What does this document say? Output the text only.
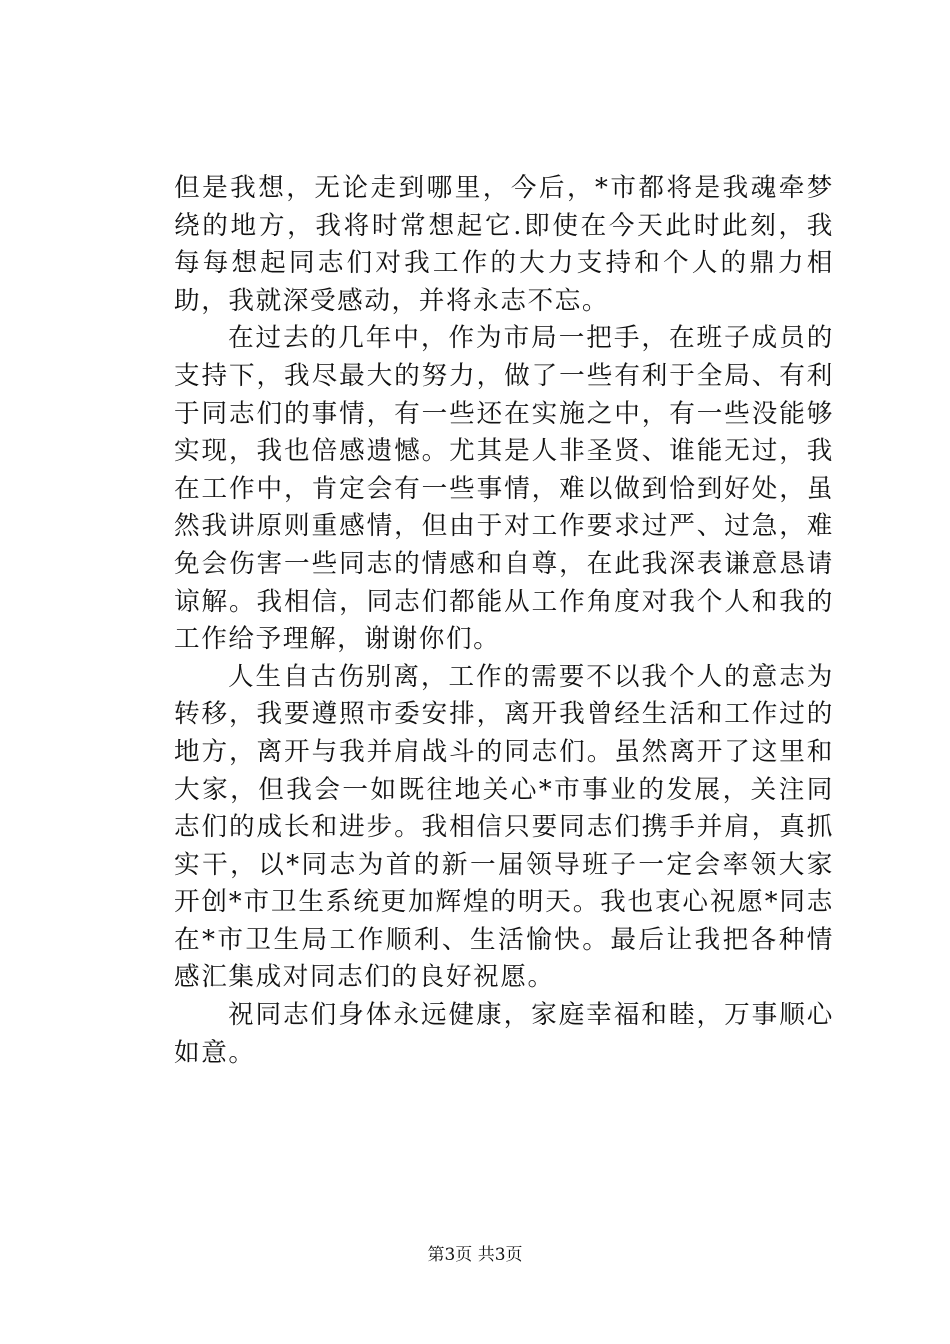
但是我想，无论走到哪里，今后，*市都将是我魂牵梦绕的地方，我将时常想起它.即使在今天此时此刻，我每每想起同志们对我工作的大力支持和个人的鼎力相助，我就深受感动，并将永志不忘。

在过去的几年中，作为市局一把手，在班子成员的支持下，我尽最大的努力，做了一些有利于全局、有利于同志们的事情，有一些还在实施之中，有一些没能够实现，我也倍感遗憾。尤其是人非圣贤、谁能无过，我在工作中，肯定会有一些事情，难以做到恰到好处，虽然我讲原则重感情，但由于对工作要求过严、过急，难免会伤害一些同志的情感和自尊，在此我深表谦意恳请谅解。我相信，同志们都能从工作角度对我个人和我的工作给予理解，谢谢你们。

人生自古伤别离，工作的需要不以我个人的意志为转移，我要遵照市委安排，离开我曾经生活和工作过的地方，离开与我并肩战斗的同志们。虽然离开了这里和大家，但我会一如既往地关心*市事业的发展，关注同志们的成长和进步。我相信只要同志们携手并肩，真抓实干，以*同志为首的新一届领导班子一定会率领大家开创*市卫生系统更加辉煌的明天。我也衷心祝愿*同志在*市卫生局工作顺利、生活愉快。最后让我把各种情感汇集成对同志们的良好祝愿。

祝同志们身体永远健康，家庭幸福和睦，万事顺心如意。

第3页 共3页
